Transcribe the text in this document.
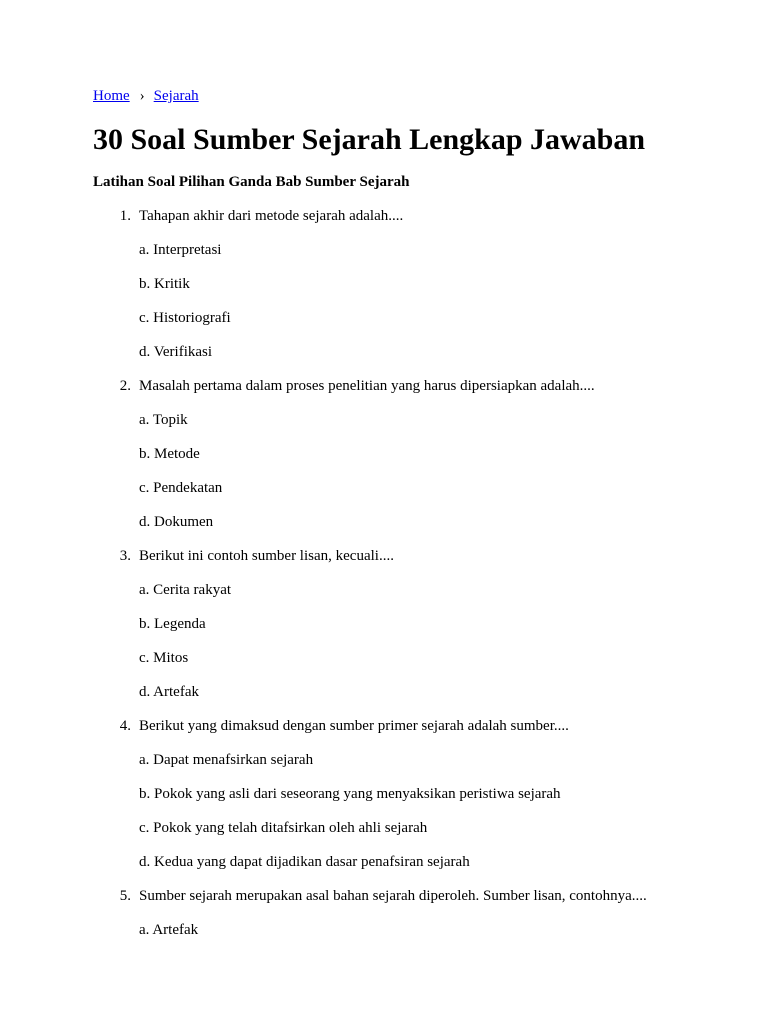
Home › Sejarah
30 Soal Sumber Sejarah Lengkap Jawaban
Latihan Soal Pilihan Ganda Bab Sumber Sejarah
1. Tahapan akhir dari metode sejarah adalah....
a. Interpretasi
b. Kritik
c. Historiografi
d. Verifikasi
2. Masalah pertama dalam proses penelitian yang harus dipersiapkan adalah....
a. Topik
b. Metode
c. Pendekatan
d. Dokumen
3. Berikut ini contoh sumber lisan, kecuali....
a. Cerita rakyat
b. Legenda
c. Mitos
d. Artefak
4. Berikut yang dimaksud dengan sumber primer sejarah adalah sumber....
a. Dapat menafsirkan sejarah
b. Pokok yang asli dari seseorang yang menyaksikan peristiwa sejarah
c. Pokok yang telah ditafsirkan oleh ahli sejarah
d. Kedua yang dapat dijadikan dasar penafsiran sejarah
5. Sumber sejarah merupakan asal bahan sejarah diperoleh. Sumber lisan, contohnya....
a. Artefak
